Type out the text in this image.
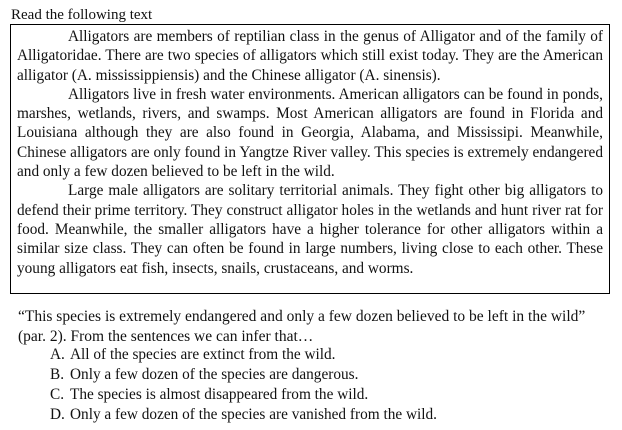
Read the following text

Alligators are members of reptilian class in the genus of Alligator and of the family of Alligatoridae. There are two species of alligators which still exist today. They are the American alligator (A. mississippiensis) and the Chinese alligator (A. sinensis).

Alligators live in fresh water environments. American alligators can be found in ponds, marshes, wetlands, rivers, and swamps. Most American alligators are found in Florida and Louisiana although they are also found in Georgia, Alabama, and Mississipi. Meanwhile, Chinese alligators are only found in Yangtze River valley. This species is extremely endangered and only a few dozen believed to be left in the wild.

Large male alligators are solitary territorial animals. They fight other big alligators to defend their prime territory. They construct alligator holes in the wetlands and hunt river rat for food. Meanwhile, the smaller alligators have a higher tolerance for other alligators within a similar size class. They can often be found in large numbers, living close to each other. These young alligators eat fish, insects, snails, crustaceans, and worms.

“This species is extremely endangered and only a few dozen believed to be left in the wild” (par. 2). From the sentences we can infer that…
A. All of the species are extinct from the wild.
B. Only a few dozen of the species are dangerous.
C. The species is almost disappeared from the wild.
D. Only a few dozen of the species are vanished from the wild.
